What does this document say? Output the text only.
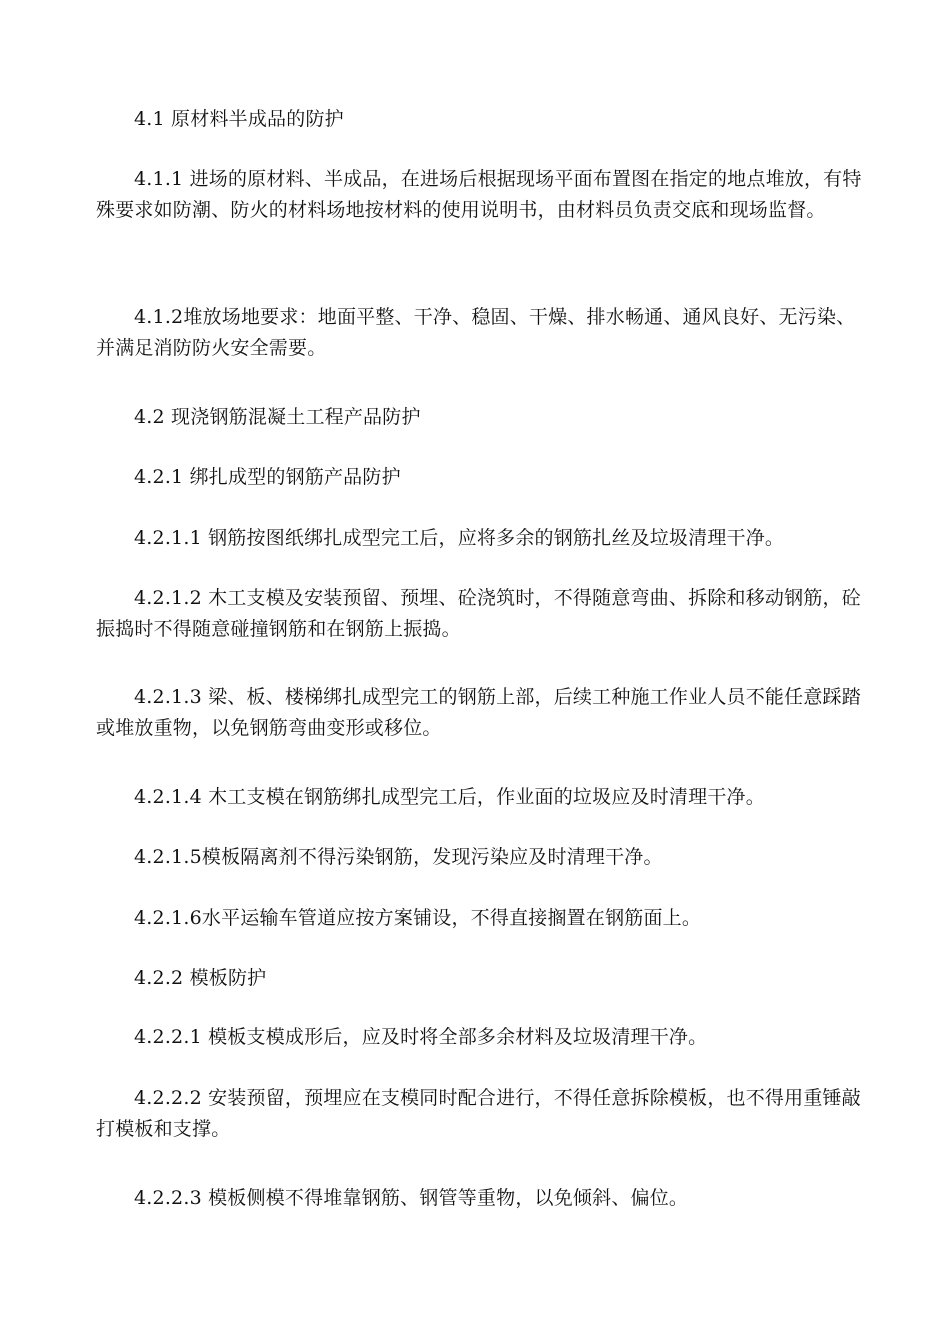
4.1 原材料半成品的防护

4.1.1 进场的原材料、半成品，在进场后根据现场平面布置图在指定的地点堆放，有特殊要求如防潮、防火的材料场地按材料的使用说明书，由材料员负责交底和现场监督。

4.1.2堆放场地要求：地面平整、干净、稳固、干燥、排水畅通、通风良好、无污染、并满足消防防火安全需要。

4.2 现浇钢筋混凝土工程产品防护

4.2.1 绑扎成型的钢筋产品防护

4.2.1.1 钢筋按图纸绑扎成型完工后，应将多余的钢筋扎丝及垃圾清理干净。

4.2.1.2 木工支模及安装预留、预埋、砼浇筑时，不得随意弯曲、拆除和移动钢筋，砼振捣时不得随意碰撞钢筋和在钢筋上振捣。

4.2.1.3 梁、板、楼梯绑扎成型完工的钢筋上部，后续工种施工作业人员不能任意踩踏或堆放重物，以免钢筋弯曲变形或移位。

4.2.1.4 木工支模在钢筋绑扎成型完工后，作业面的垃圾应及时清理干净。

4.2.1.5模板隔离剂不得污染钢筋，发现污染应及时清理干净。

4.2.1.6水平运输车管道应按方案铺设，不得直接搁置在钢筋面上。

4.2.2 模板防护

4.2.2.1 模板支模成形后，应及时将全部多余材料及垃圾清理干净。

4.2.2.2 安装预留，预埋应在支模同时配合进行，不得任意拆除模板，也不得用重锤敲打模板和支撑。

4.2.2.3 模板侧模不得堆靠钢筋、钢管等重物，以免倾斜、偏位。
